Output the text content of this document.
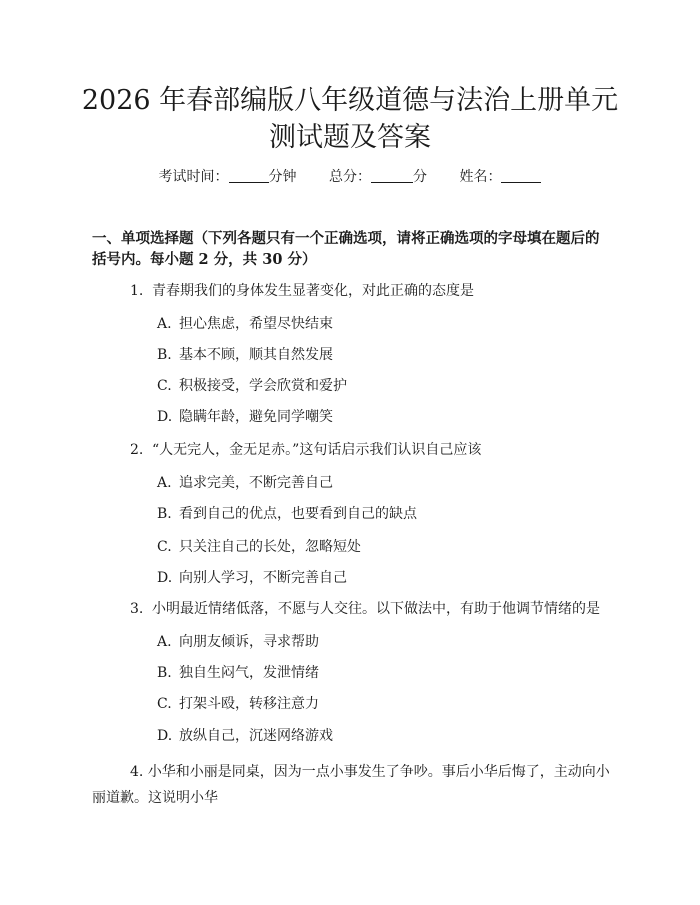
2026 年春部编版八年级道德与法治上册单元
测试题及答案
考试时间：	分钟 总分：	分 姓名：

一、单项选择题（下列各题只有一个正确选项，请将正确选项的字母填在题后的括号内。每小题 2 分，共 30 分）

1. 青春期我们的身体发生显著变化，对此正确的态度是
A. 担心焦虑，希望尽快结束
B. 基本不顾，顺其自然发展
C. 积极接受，学会欣赏和爱护
D. 隐瞒年龄，避免同学嘲笑
2. “人无完人，金无足赤。”这句话启示我们认识自己应该
A. 追求完美，不断完善自己
B. 看到自己的优点，也要看到自己的缺点
C. 只关注自己的长处，忽略短处
D. 向别人学习，不断完善自己
3. 小明最近情绪低落，不愿与人交往。以下做法中，有助于他调节情绪的是
A. 向朋友倾诉，寻求帮助
B. 独自生闷气，发泄情绪
C. 打架斗殴，转移注意力
D. 放纵自己，沉迷网络游戏

4. 小华和小丽是同桌，因为一点小事发生了争吵。事后小华后悔了，主动向小丽道歉。这说明小华
